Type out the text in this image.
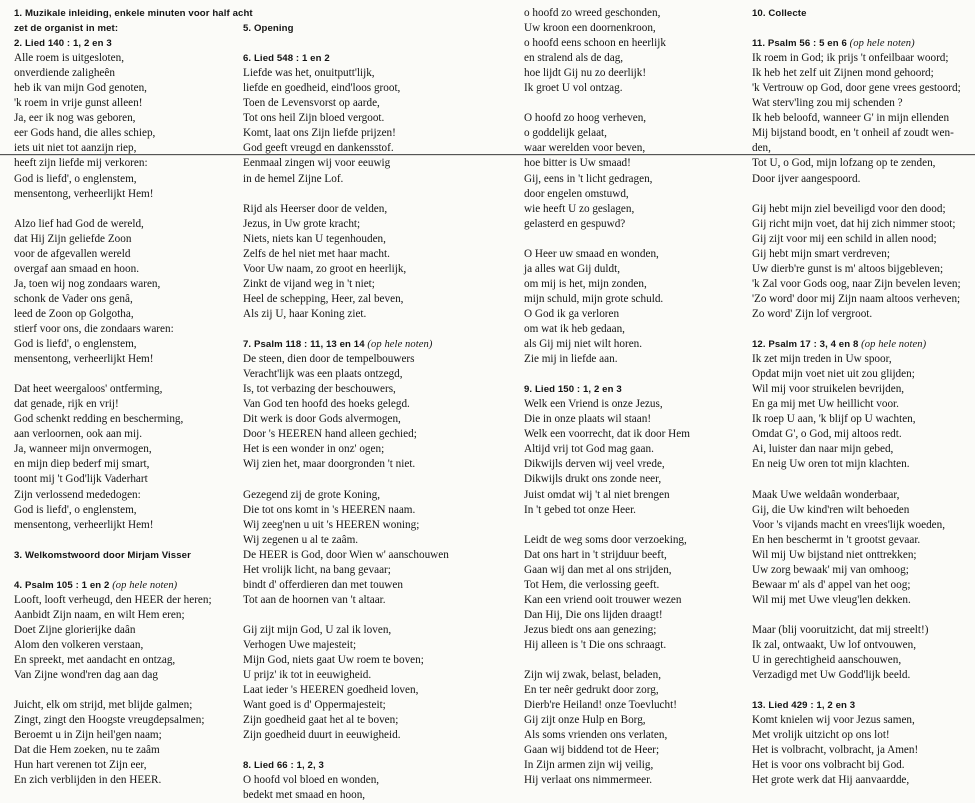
1. Muzikale inleiding, enkele minuten voor half acht
zet de organist in met:
2. Lied 140 : 1, 2 en 3
Alle roem is uitgesloten,
onverdiende zaligheên
heb ik van mijn God genoten,
'k roem in vrije gunst alleen!
Ja, eer ik nog was geboren,
eer Gods hand, die alles schiep,
iets uit niet tot aanzijn riep,
heeft zijn liefde mij verkoren:
God is liefd', o englenstem,
mensentong, verheerlijkt Hem!
Alzo lief had God de wereld,
dat Hij Zijn geliefde Zoon
voor de afgevallen wereld
overgaf aan smaad en hoon.
Ja, toen wij nog zondaars waren,
schonk de Vader ons genâ,
leed de Zoon op Golgotha,
stierf voor ons, die zondaars waren:
God is liefd', o englenstem,
mensentong, verheerlijkt Hem!
Dat heet weergaloos' ontferming,
dat genade, rijk en vrij!
God schenkt redding en bescherming,
aan verloornen, ook aan mij.
Ja, wanneer mijn onvermogen,
en mijn diep bederf mij smart,
toont mij 't God'lijk Vaderhart
Zijn verlossend mededogen:
God is liefd', o englenstem,
mensentong, verheerlijkt Hem!
3. Welkomstwoord door Mirjam Visser
4. Psalm 105 : 1 en 2 (op hele noten)
Looft, looft verheugd, den HEER der heren;
Aanbidt Zijn naam, en wilt Hem eren;
Doet Zijne glorierijke daân
Alom den volkeren verstaan,
En spreekt, met aandacht en ontzag,
Van Zijne wond'ren dag aan dag
Juicht, elk om strijd, met blijde galmen;
Zingt, zingt den Hoogste vreugdepsalmen;
Beroemt u in Zijn heil'gen naam;
Dat die Hem zoeken, nu te zaâm
Hun hart verenen tot Zijn eer,
En zich verblijden in den HEER.
5. Opening
6. Lied 548 : 1 en 2
Liefde was het, onuitputt'lijk,
liefde en goedheid, eind'loos groot,
Toen de Levensvorst op aarde,
Tot ons heil Zijn bloed vergoot.
Komt, laat ons Zijn liefde prijzen!
God geeft vreugd en dankensstof.
Eenmaal zingen wij voor eeuwig
in de hemel Zijne Lof.
Rijd als Heerser door de velden,
Jezus, in Uw grote kracht;
Niets, niets kan U tegenhouden,
Zelfs de hel niet met haar macht.
Voor Uw naam, zo groot en heerlijk,
Zinkt de vijand weg in 't niet;
Heel de schepping, Heer, zal beven,
Als zij U, haar Koning ziet.
7. Psalm 118 : 11, 13 en 14 (op hele noten)
De steen, dien door de tempelbouwers
Veracht'lijk was een plaats ontzegd,
Is, tot verbazing der beschouwers,
Van God ten hoofd des hoeks gelegd.
Dit werk is door Gods alvermogen,
Door 's HEEREN hand alleen gechied;
Het is een wonder in onz' ogen;
Wij zien het, maar doorgronden 't niet.
Gezegend zij de grote Koning,
Die tot ons komt in 's HEEREN naam.
Wij zeeg'nen u uit 's HEEREN woning;
Wij zegenen u al te zaâm.
De HEER is God, door Wien w' aanschouwen
Het vrolijk licht, na bang gevaar;
bindt d' offerdieren dan met touwen
Tot aan de hoornen van 't altaar.
Gij zijt mijn God, U zal ik loven,
Verhogen Uwe majesteit;
Mijn God, niets gaat Uw roem te boven;
U prijz' ik tot in eeuwigheid.
Laat ieder 's HEEREN goedheid loven,
Want goed is d' Oppermajesteit;
Zijn goedheid gaat het al te boven;
Zijn goedheid duurt in eeuwigheid.
8. Lied 66 : 1, 2, 3
O hoofd vol bloed en wonden,
bedekt met smaad en hoon,
o hoofd zo wreed geschonden,
Uw kroon een doornenkroon,
o hoofd eens schoon en heerlijk
en stralend als de dag,
hoe lijdt Gij nu zo deerlijk!
Ik groet U vol ontzag.
O hoofd zo hoog verheven,
o goddelijk gelaat,
waar werelden voor beven,
hoe bitter is Uw smaad!
Gij, eens in 't licht gedragen,
door engelen omstuwd,
wie heeft U zo geslagen,
gelasterd en gespuwd?
O Heer uw smaad en wonden,
ja alles wat Gij duldt,
om mij is het, mijn zonden,
mijn schuld, mijn grote schuld.
O God ik ga verloren
om wat ik heb gedaan,
als Gij mij niet wilt horen.
Zie mij in liefde aan.
9. Lied 150 : 1, 2 en 3
Welk een Vriend is onze Jezus,
Die in onze plaats wil staan!
Welk een voorrecht, dat ik door Hem
Altijd vrij tot God mag gaan.
Dikwijls derven wij veel vrede,
Dikwijls drukt ons zonde neer,
Juist omdat wij 't al niet brengen
In 't gebed tot onze Heer.
Leidt de weg soms door verzoeking,
Dat ons hart in 't strijduur beeft,
Gaan wij dan met al ons strijden,
Tot Hem, die verlossing geeft.
Kan een vriend ooit trouwer wezen
Dan Hij, Die ons lijden draagt!
Jezus biedt ons aan genezing;
Hij alleen is 't Die ons schraagt.
Zijn wij zwak, belast, beladen,
En ter neêr gedrukt door zorg,
Dierb're Heiland! onze Toevlucht!
Gij zijt onze Hulp en Borg,
Als soms vrienden ons verlaten,
Gaan wij biddend tot de Heer;
In Zijn armen zijn wij veilig,
Hij verlaat ons nimmermeer.
10. Collecte
11. Psalm 56 : 5 en 6 (op hele noten)
Ik roem in God; ik prijs 't onfeilbaar woord;
Ik heb het zelf uit Zijnen mond gehoord;
'k Vertrouw op God, door gene vrees gestoord;
Wat sterv'ling zou mij schenden ?
Ik heb beloofd, wanneer G' in mijn ellenden
Mij bijstand boodt, en 't onheil af zoudt wen-
den,
Tot U, o God, mijn lofzang op te zenden,
Door ijver aangespoord.
Gij hebt mijn ziel beveiligd voor den dood;
Gij richt mijn voet, dat hij zich nimmer stoot;
Gij zijt voor mij een schild in allen nood;
Gij hebt mijn smart verdreven;
Uw dierb're gunst is m' altoos bijgebleven;
'k Zal voor Gods oog, naar Zijn bevelen leven;
'Zo word' door mij Zijn naam altoos verheven;
Zo word' Zijn lof vergroot.
12. Psalm 17 : 3, 4 en 8 (op hele noten)
Ik zet mijn treden in Uw spoor,
Opdat mijn voet niet uit zou glijden;
Wil mij voor struikelen bevrijden,
En ga mij met Uw heillicht voor.
Ik roep U aan, 'k blijf op U wachten,
Omdat G', o God, mij altoos redt.
Ai, luister dan naar mijn gebed,
En neig Uw oren tot mijn klachten.
Maak Uwe weldaân wonderbaar,
Gij, die Uw kind'ren wilt behoeden
Voor 's vijands macht en vrees'lijk woeden,
En hen beschermt in 't grootst gevaar.
Wil mij Uw bijstand niet onttrekken;
Uw zorg bewaak' mij van omhoog;
Bewaar m' als d' appel van het oog;
Wil mij met Uwe vleug'len dekken.
Maar (blij vooruitzicht, dat mij streelt!)
Ik zal, ontwaakt, Uw lof ontvouwen,
U in gerechtigheid aanschouwen,
Verzadigd met Uw Godd'lijk beeld.
13. Lied 429 : 1, 2 en 3
Komt knielen wij voor Jezus samen,
Met vrolijk uitzicht op ons lot!
Het is volbracht, volbracht, ja Amen!
Het is voor ons volbracht bij God.
Het grote werk dat Hij aanvaardde,
